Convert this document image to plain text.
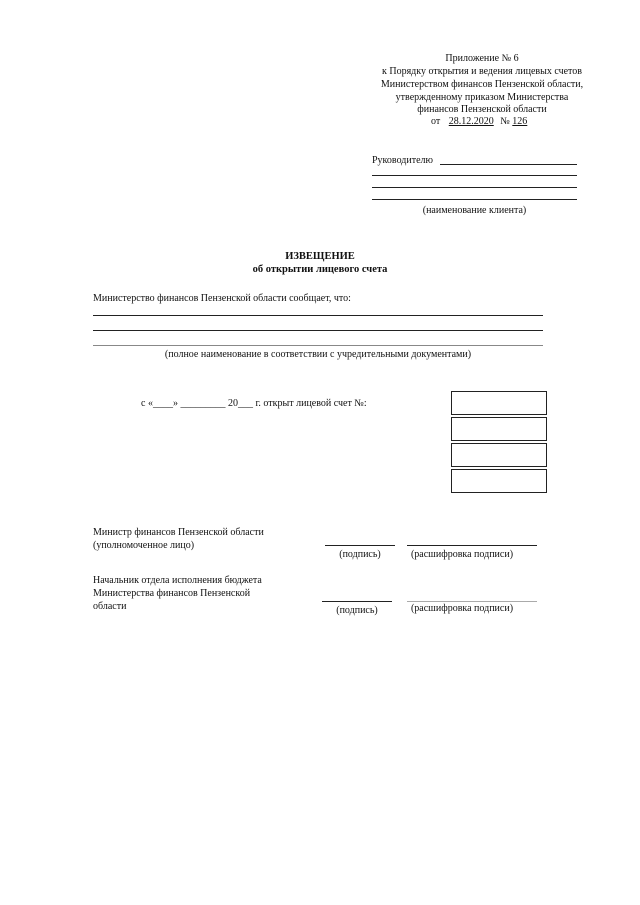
Приложение № 6
к Порядку открытия и ведения лицевых счетов
Министерством финансов Пензенской области,
утвержденному приказом Министерства
финансов Пензенской области
от 28.12.2020 № 126
Руководителю
(наименование клиента)
ИЗВЕЩЕНИЕ
об открытии лицевого счета
Министерство финансов Пензенской области сообщает, что:
(полное наименование в соответствии с учредительными документами)
с «____» _________ 20___ г. открыт лицевой счет №:
Министр финансов Пензенской области
(уполномоченное лицо)
(подпись)	(расшифровка подписи)
Начальник отдела исполнения бюджета
Министерства финансов Пензенской
области	(подпись)	(расшифровка подписи)
